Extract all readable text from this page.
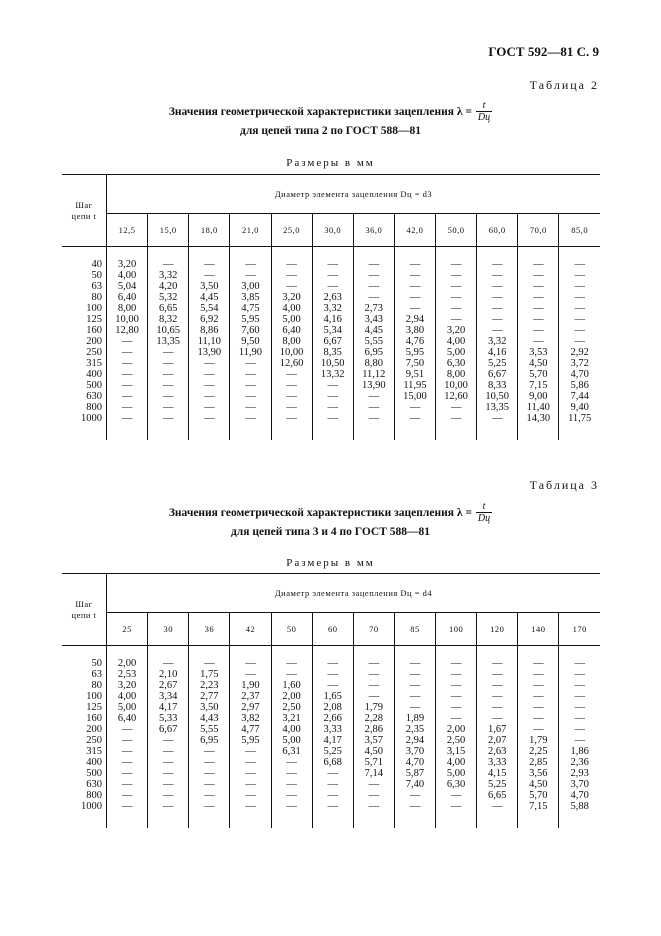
ГОСТ 592—81 С. 9
Таблица 2
Значения геометрической характеристики зацепления $\lambda = \frac{t}{Dц}$
для цепей типа 2 по ГОСТ 588—81
Размеры в мм
Шаг
цепи t	Диаметр элемента зацепления Dц = d3											
	12,5	15,0	18,0	21,0	25,0	30,0	36,0	42,0	50,0	60,0	70,0	85,0

40	3,20	—	—	—	—	—	—	—	—	—	—	—
50	4,00	3,32	—	—	—	—	—	—	—	—	—	—
63	5,04	4,20	3,50	3,00	—	—	—	—	—	—	—	—
80	6,40	5,32	4,45	3,85	3,20	2,63	—	—	—	—	—	—
100	8,00	6,65	5,54	4,75	4,00	3,32	2,73	—	—	—	—	—
125	10,00	8,32	6,92	5,95	5,00	4,16	3,43	2,94	—	—	—	—
160	12,80	10,65	8,86	7,60	6,40	5,34	4,45	3,80	3,20	—	—	—
200	—	13,35	11,10	9,50	8,00	6,67	5,55	4,76	4,00	3,32	—	—
250	—	—	13,90	11,90	10,00	8,35	6,95	5,95	5,00	4,16	3,53	2,92
315	—	—	—	—	12,60	10,50	8,80	7,50	6,30	5,25	4,50	3,72
400	—	—	—	—	—	13,32	11,12	9,51	8,00	6,67	5,70	4,70
500	—	—	—	—	—	—	13,90	11,95	10,00	8,33	7,15	5,86
630	—	—	—	—	—	—	—	15,00	12,60	10,50	9,00	7,44
800	—	—	—	—	—	—	—	—	—	13,35	11,40	9,40
1000	—	—	—	—	—	—	—	—	—	—	14,30	11,75

Таблица 3
Значения геометрической характеристики зацепления $\lambda = \frac{t}{Dц}$
для цепей типа 3 и 4 по ГОСТ 588—81
Размеры в мм
Шаг
цепи t	Диаметр элемента зацепления Dц = d4											
	25	30	36	42	50	60	70	85	100	120	140	170

50	2,00	—	—	—	—	—	—	—	—	—	—	—
63	2,53	2,10	1,75	—	—	—	—	—	—	—	—	—
80	3,20	2,67	2,23	1,90	1,60	—	—	—	—	—	—	—
100	4,00	3,34	2,77	2,37	2,00	1,65	—	—	—	—	—	—
125	5,00	4,17	3,50	2,97	2,50	2,08	1,79	—	—	—	—	—
160	6,40	5,33	4,43	3,82	3,21	2,66	2,28	1,89	—	—	—	—
200	—	6,67	5,55	4,77	4,00	3,33	2,86	2,35	2,00	1,67	—	—
250	—	—	6,95	5,95	5,00	4,17	3,57	2,94	2,50	2,07	1,79	—
315	—	—	—	—	6,31	5,25	4,50	3,70	3,15	2,63	2,25	1,86
400	—	—	—	—	—	6,68	5,71	4,70	4,00	3,33	2,85	2,36
500	—	—	—	—	—	—	7,14	5,87	5,00	4,15	3,56	2,93
630	—	—	—	—	—	—	—	7,40	6,30	5,25	4,50	3,70
800	—	—	—	—	—	—	—	—	—	6,65	5,70	4,70
1000	—	—	—	—	—	—	—	—	—	—	7,15	5,88
